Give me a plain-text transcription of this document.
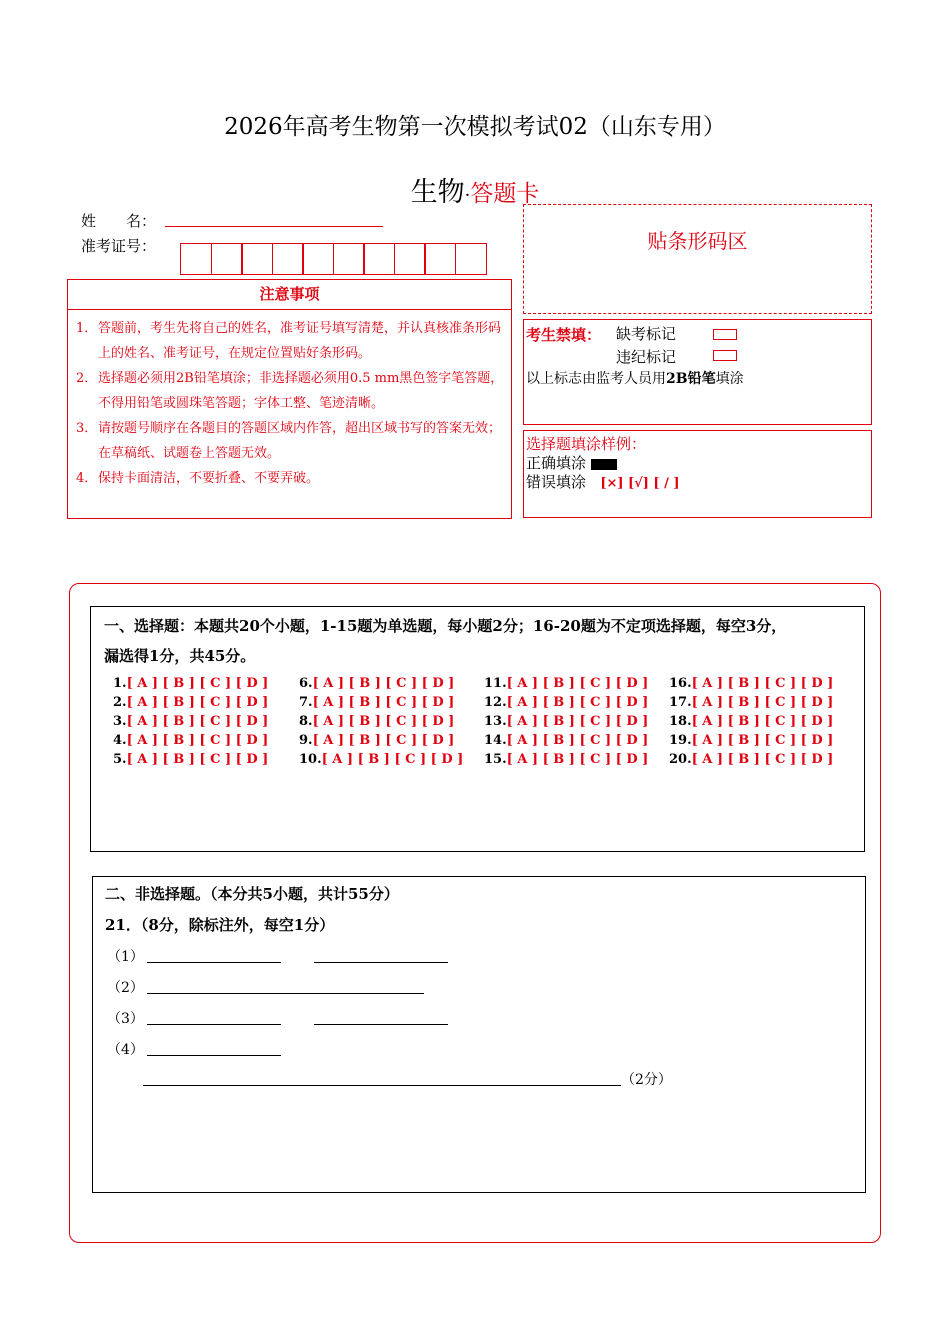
2026年高考生物第一次模拟考试02（山东专用）
生物·答题卡
姓　　名：
准考证号：
注意事项
1． 答题前，考生先将自己的姓名，准考证号填写清楚，并认真核准条形码上的姓名、准考证号，在规定位置贴好条形码。
2． 选择题必须用2B铅笔填涂；非选择题必须用0.5 mm黑色签字笔答题，不得用铅笔或圆珠笔答题；字体工整、笔迹清晰。
3． 请按题号顺序在各题目的答题区域内作答，超出区域书写的答案无效；在草稿纸、试题卷上答题无效。
4． 保持卡面清洁，不要折叠、不要弄破。
贴条形码区
考生禁填： 缺考标记
违纪标记
以上标志由监考人员用2B铅笔填涂
选择题填涂样例：
正确填涂
错误填涂 [×] [√] [ / ]
一、选择题：本题共20个小题，1-15题为单选题，每小题2分；16-20题为不定项选择题，每空3分，
漏选得1分，共45分。
1.[ A ] [ B ] [ C ] [ D ]
2.[ A ] [ B ] [ C ] [ D ]
3.[ A ] [ B ] [ C ] [ D ]
4.[ A ] [ B ] [ C ] [ D ]
5.[ A ] [ B ] [ C ] [ D ]
6.[ A ] [ B ] [ C ] [ D ]
7.[ A ] [ B ] [ C ] [ D ]
8.[ A ] [ B ] [ C ] [ D ]
9.[ A ] [ B ] [ C ] [ D ]
10.[ A ] [ B ] [ C ] [ D ]
11.[ A ] [ B ] [ C ] [ D ]
12.[ A ] [ B ] [ C ] [ D ]
13.[ A ] [ B ] [ C ] [ D ]
14.[ A ] [ B ] [ C ] [ D ]
15.[ A ] [ B ] [ C ] [ D ]
16.[ A ] [ B ] [ C ] [ D ]
17.[ A ] [ B ] [ C ] [ D ]
18.[ A ] [ B ] [ C ] [ D ]
19.[ A ] [ B ] [ C ] [ D ]
20.[ A ] [ B ] [ C ] [ D ]
二、非选择题。（本分共5小题，共计55分）
21．（8分，除标注外，每空1分）
（1）
（2）
（3）
（4）
（2分）
